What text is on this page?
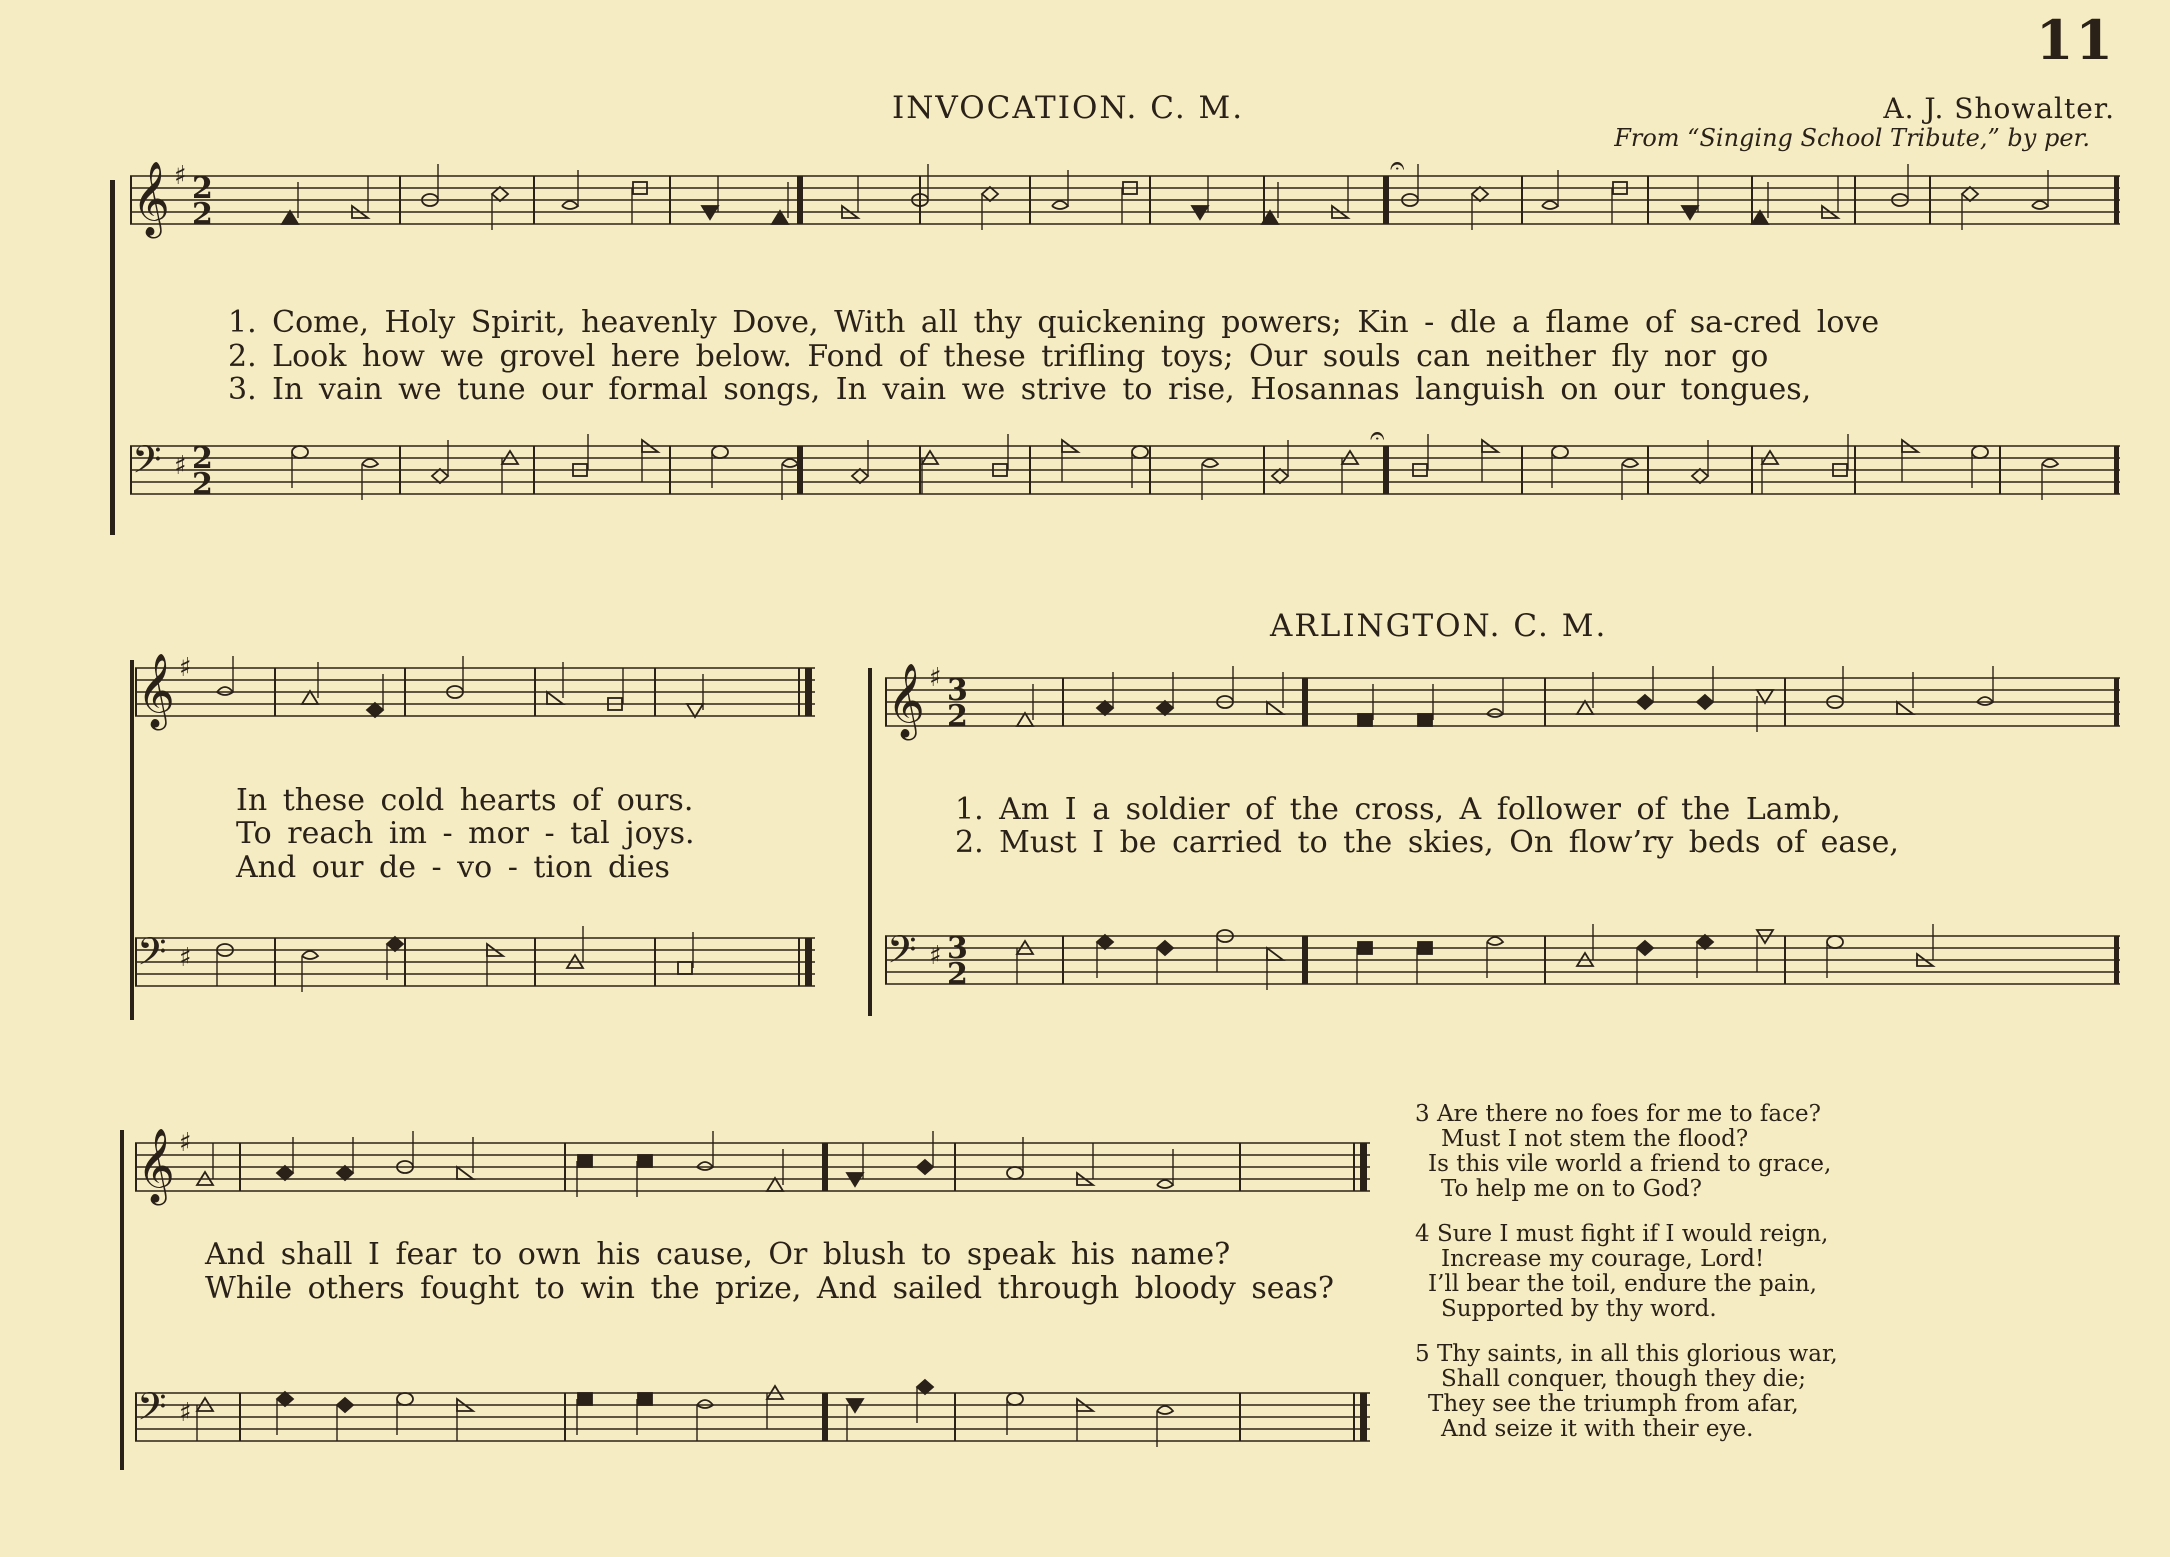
11
INVOCATION. C. M.	A. J. Showalter.
From “Singing School Tribute,” by per.
𝄞 ♯ 2
2
𝄐
𝄢 ♯ 2
2
𝄐
1. Come, Holy Spirit, heavenly Dove, With all thy quickening powers; Kin - dle a flame of sa-cred love
2. Look how we grovel here below. Fond of these trifling toys; Our souls can neither fly nor go
3. In vain we tune our formal songs, In vain we strive to rise, Hosannas languish on our tongues,
𝄞 ♯
𝄢 ♯
In these cold hearts of ours.
To reach im - mor - tal joys.
And our de - vo - tion dies
ARLINGTON. C. M.
𝄞 ♯ 3
2
𝄢 ♯ 3
2
1. Am I a soldier of the cross, A follower of the Lamb,
2. Must I be carried to the skies, On flow’ry beds of ease,
𝄞 ♯
𝄢 ♯
And shall I fear to own his cause, Or blush to speak his name?
While others fought to win the prize, And sailed through bloody seas?
3 Are there no foes for me to face?
Must I not stem the flood?
Is this vile world a friend to grace,
To help me on to God?
4 Sure I must fight if I would reign,
Increase my courage, Lord!
I’ll bear the toil, endure the pain,
Supported by thy word.
5 Thy saints, in all this glorious war,
Shall conquer, though they die;
They see the triumph from afar,
And seize it with their eye.
